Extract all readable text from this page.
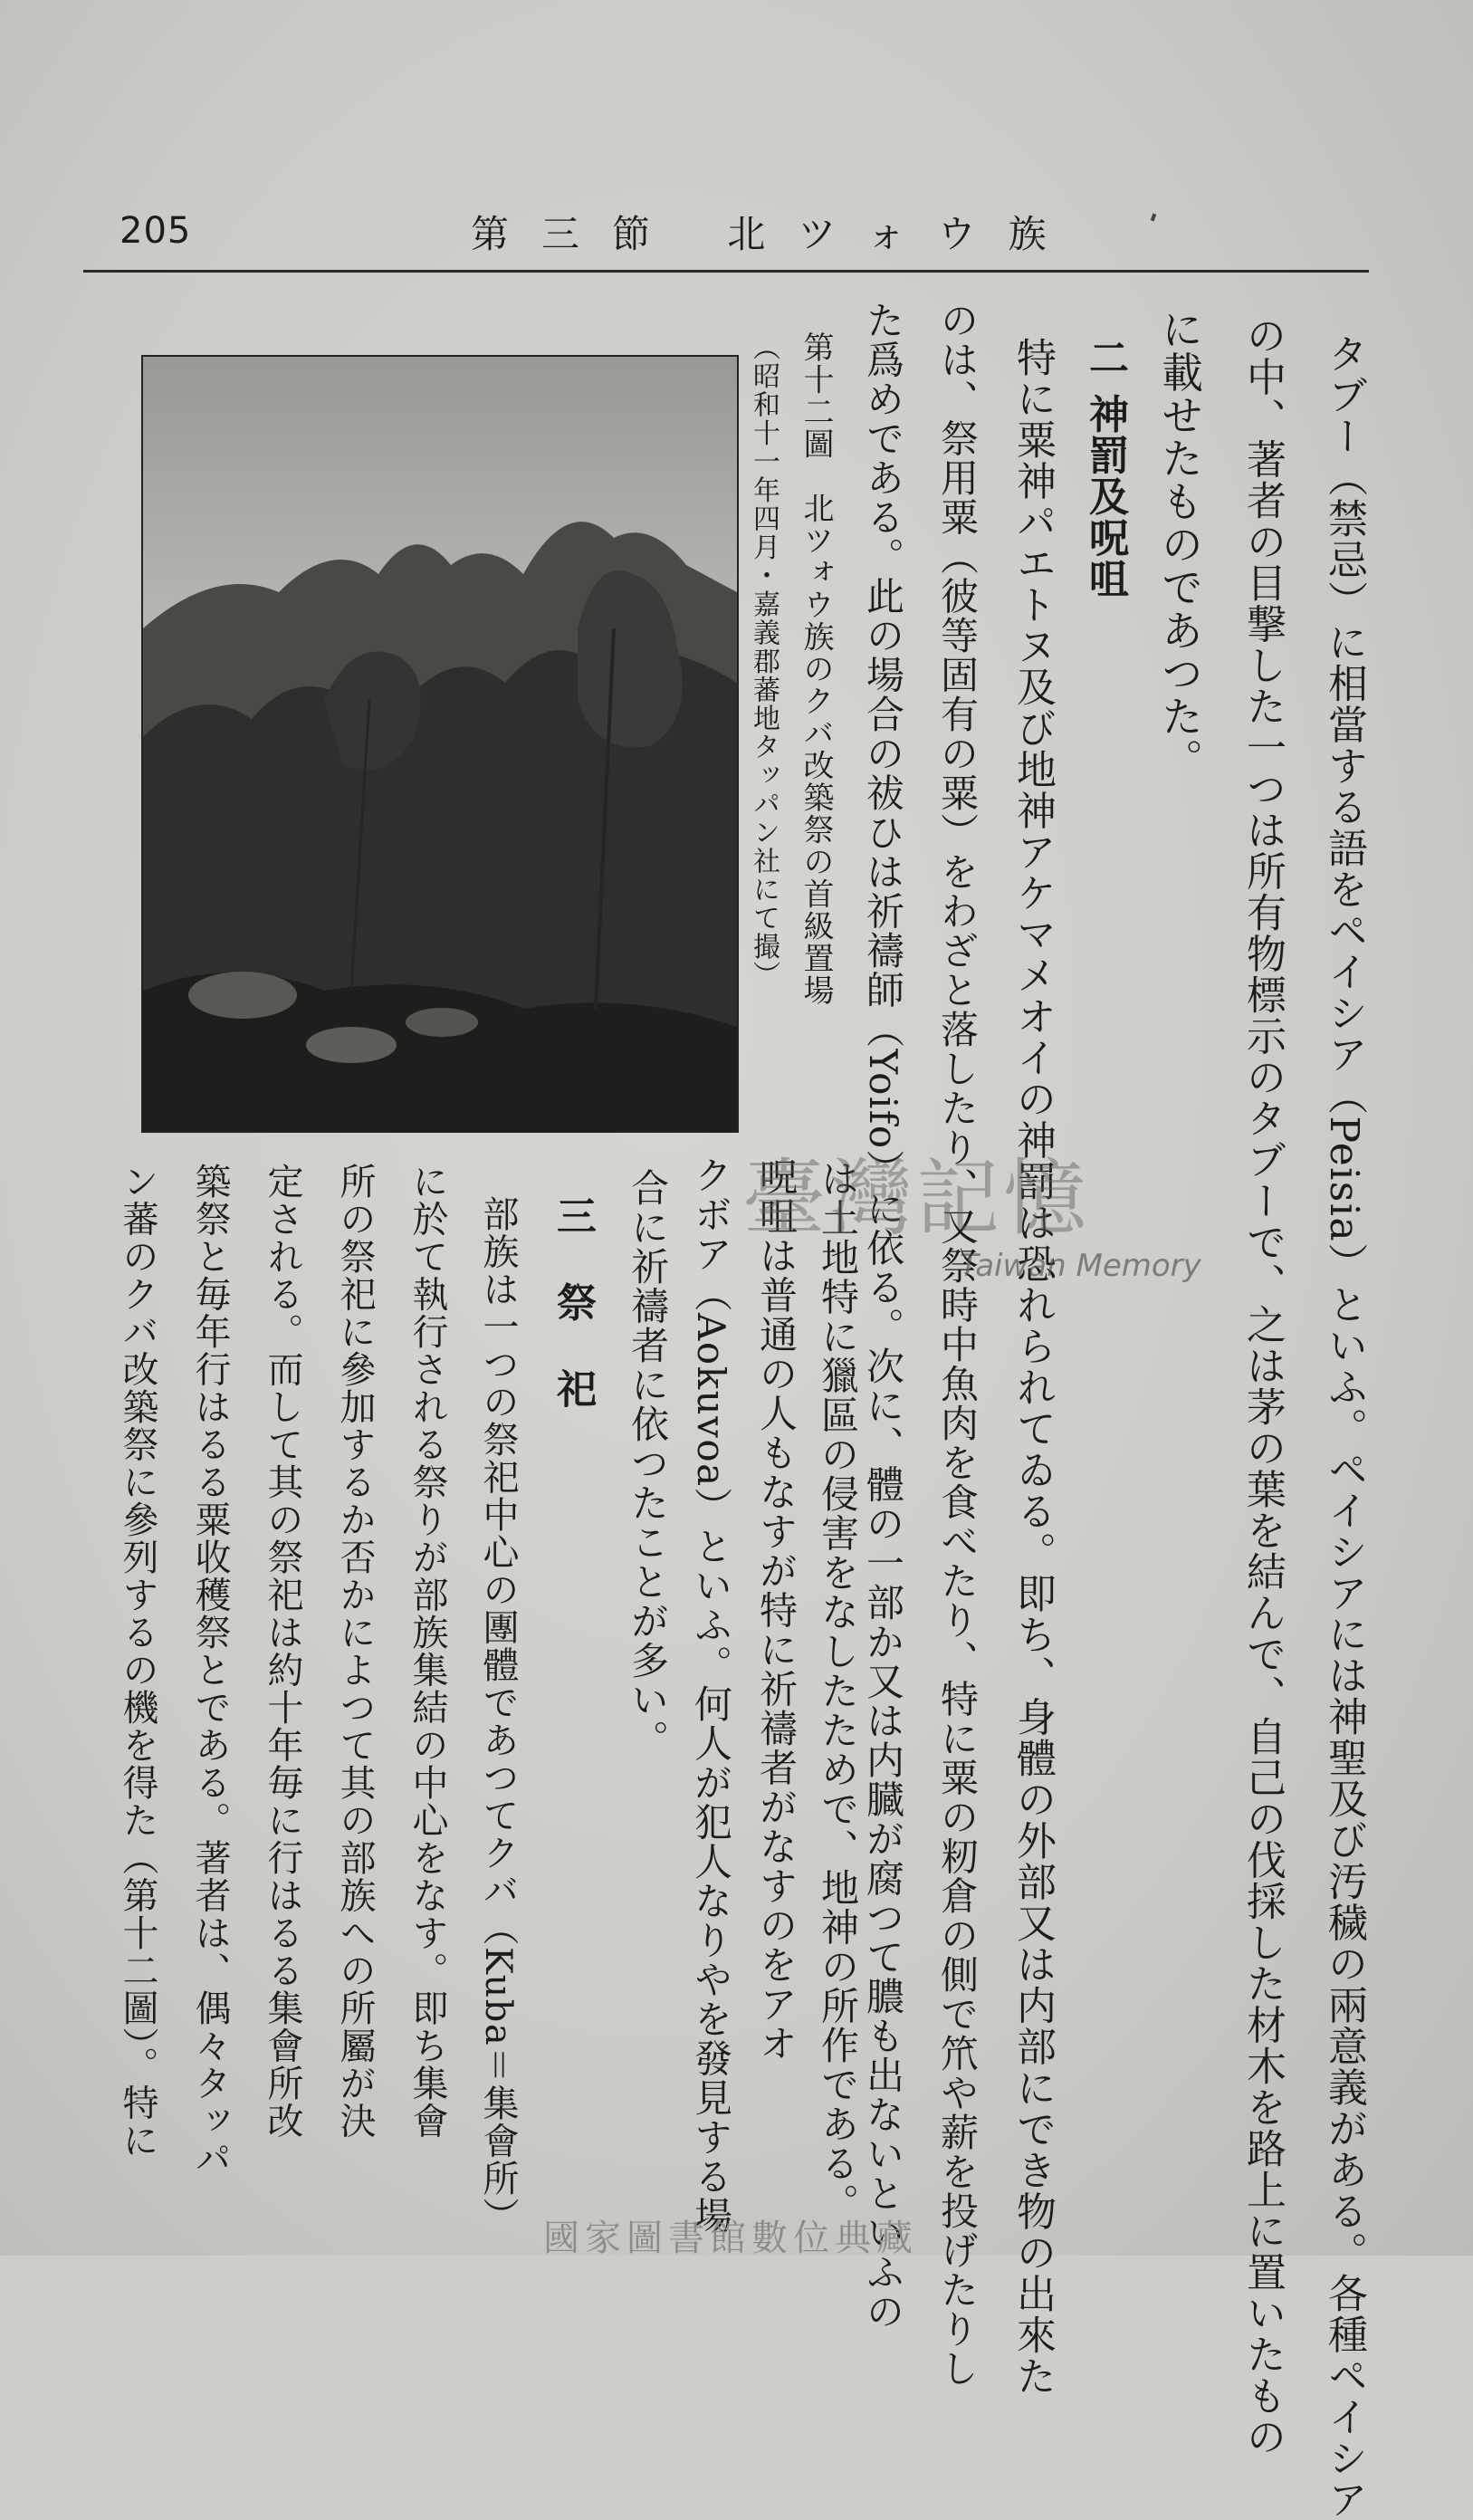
205	第三節 北ツォウ族
タブー（禁忌）に相當する語をペイシア（Peisia）といふ。ペイシアには神聖及び汚穢の兩意義がある。各種ペイシア
の中、著者の目撃した一つは所有物標示のタブーで、之は茅の葉を結んで、自己の伐採した材木を路上に置いたもの
に載せたものであつた。
二 神罰及呪咀
特に粟神パエトヌ及び地神アケマメオイの神罰は恐れられてゐる。即ち、身體の外部又は内部にでき物の出來た
のは、祭用粟（彼等固有の粟）をわざと落したり、又祭時中魚肉を食べたり、特に粟の籾倉の側で笊や薪を投げたりし
た爲めである。此の場合の祓ひは祈禱師（Yoifo）に依る。次に、體の一部か又は内臓が腐つて膿も出ないといふの
第十二圖　北ツォウ族のクバ改築祭の首級置場
（昭和十一年四月・嘉義郡蕃地タッパン社にて撮）
は土地特に獵區の侵害をなしたためで、地神の所作である。
呪咀は普通の人もなすが特に祈禱者がなすのをアオ
クボア（Aokuvoa）といふ。何人が犯人なりやを發見する場
合に祈禱者に依つたことが多い。
三 祭 祀
部族は一つの祭祀中心の團體であつてクバ（Kuba＝集會所）
に於て執行される祭りが部族集結の中心をなす。即ち集會
所の祭祀に參加するか否かによつて其の部族への所屬が決
定される。而して其の祭祀は約十年毎に行はるる集會所改
築祭と毎年行はるる粟收穫祭とである。著者は、偶々タッパ
ン蕃のクバ改築祭に參列するの機を得た（第十二圖）。特に	臺灣記憶
Taiwan Memory
國家圖書館數位典藏
